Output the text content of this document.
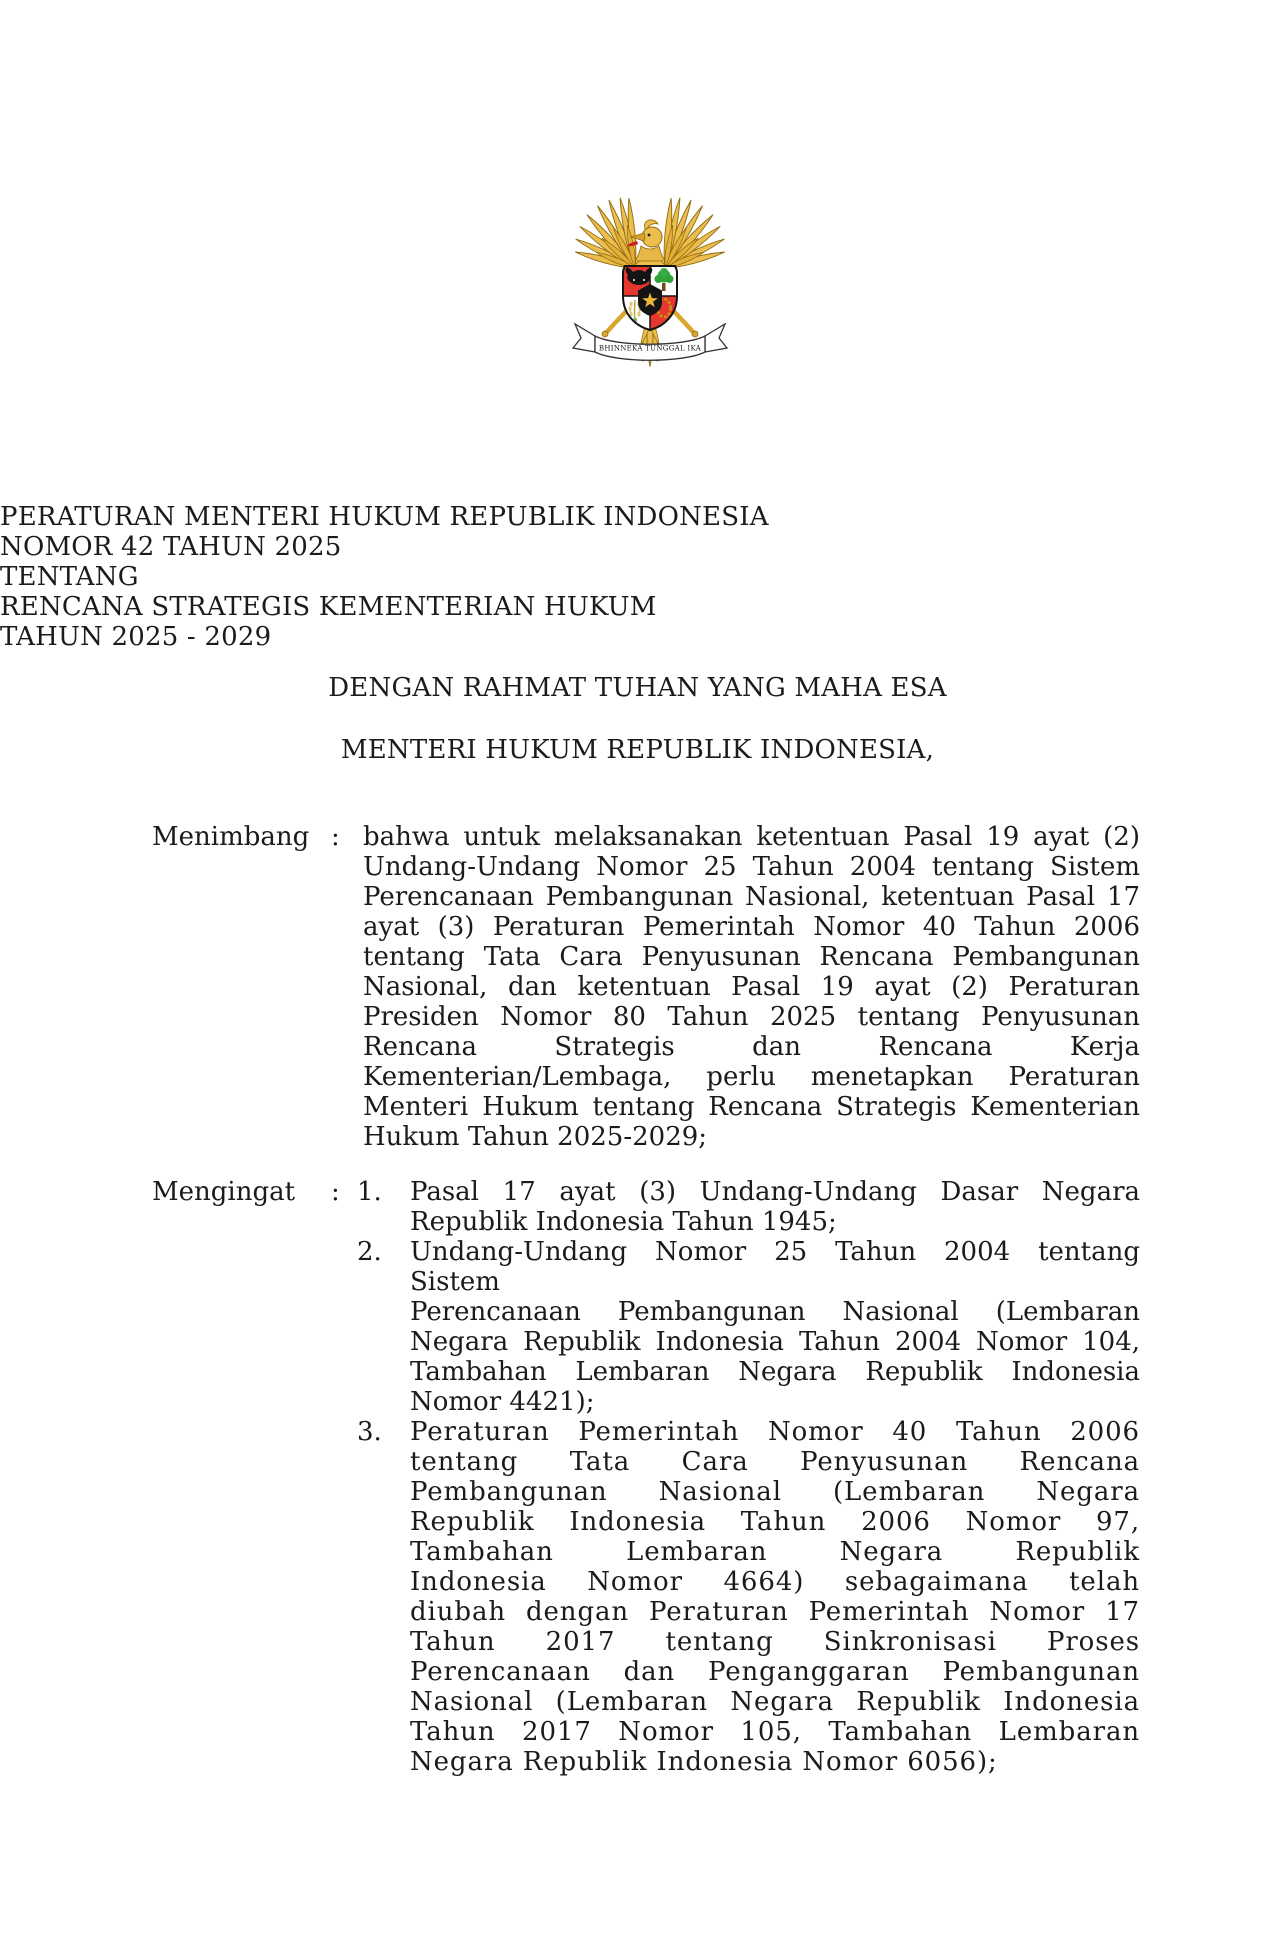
BHINNEKA TUNGGAL IKA
PERATURAN MENTERI HUKUM REPUBLIK INDONESIA
NOMOR 42 TAHUN 2025
TENTANG
RENCANA STRATEGIS KEMENTERIAN HUKUM
TAHUN 2025 - 2029
DENGAN RAHMAT TUHAN YANG MAHA ESA
MENTERI HUKUM REPUBLIK INDONESIA,
Menimbang : bahwa untuk melaksanakan ketentuan Pasal 19 ayat (2)
Undang-Undang Nomor 25 Tahun 2004 tentang Sistem
Perencanaan Pembangunan Nasional, ketentuan Pasal 17
ayat (3) Peraturan Pemerintah Nomor 40 Tahun 2006
tentang Tata Cara Penyusunan Rencana Pembangunan
Nasional, dan ketentuan Pasal 19 ayat (2) Peraturan
Presiden Nomor 80 Tahun 2025 tentang Penyusunan
Rencana Strategis dan Rencana Kerja
Kementerian/Lembaga, perlu menetapkan Peraturan
Menteri Hukum tentang Rencana Strategis Kementerian
Hukum Tahun 2025-2029;
Mengingat : 1.	Pasal 17 ayat (3) Undang-Undang Dasar Negara
Republik Indonesia Tahun 1945;
2.	Undang-Undang Nomor 25 Tahun 2004 tentang Sistem
Perencanaan Pembangunan Nasional (Lembaran
Negara Republik Indonesia Tahun 2004 Nomor 104,
Tambahan Lembaran Negara Republik Indonesia
Nomor 4421);
3.	Peraturan Pemerintah Nomor 40 Tahun 2006
tentang Tata Cara Penyusunan Rencana
Pembangunan Nasional (Lembaran Negara
Republik Indonesia Tahun 2006 Nomor 97,
Tambahan Lembaran Negara Republik
Indonesia Nomor 4664) sebagaimana telah
diubah dengan Peraturan Pemerintah Nomor 17
Tahun 2017 tentang Sinkronisasi Proses
Perencanaan dan Penganggaran Pembangunan
Nasional (Lembaran Negara Republik Indonesia
Tahun 2017 Nomor 105, Tambahan Lembaran
Negara Republik Indonesia Nomor 6056);
